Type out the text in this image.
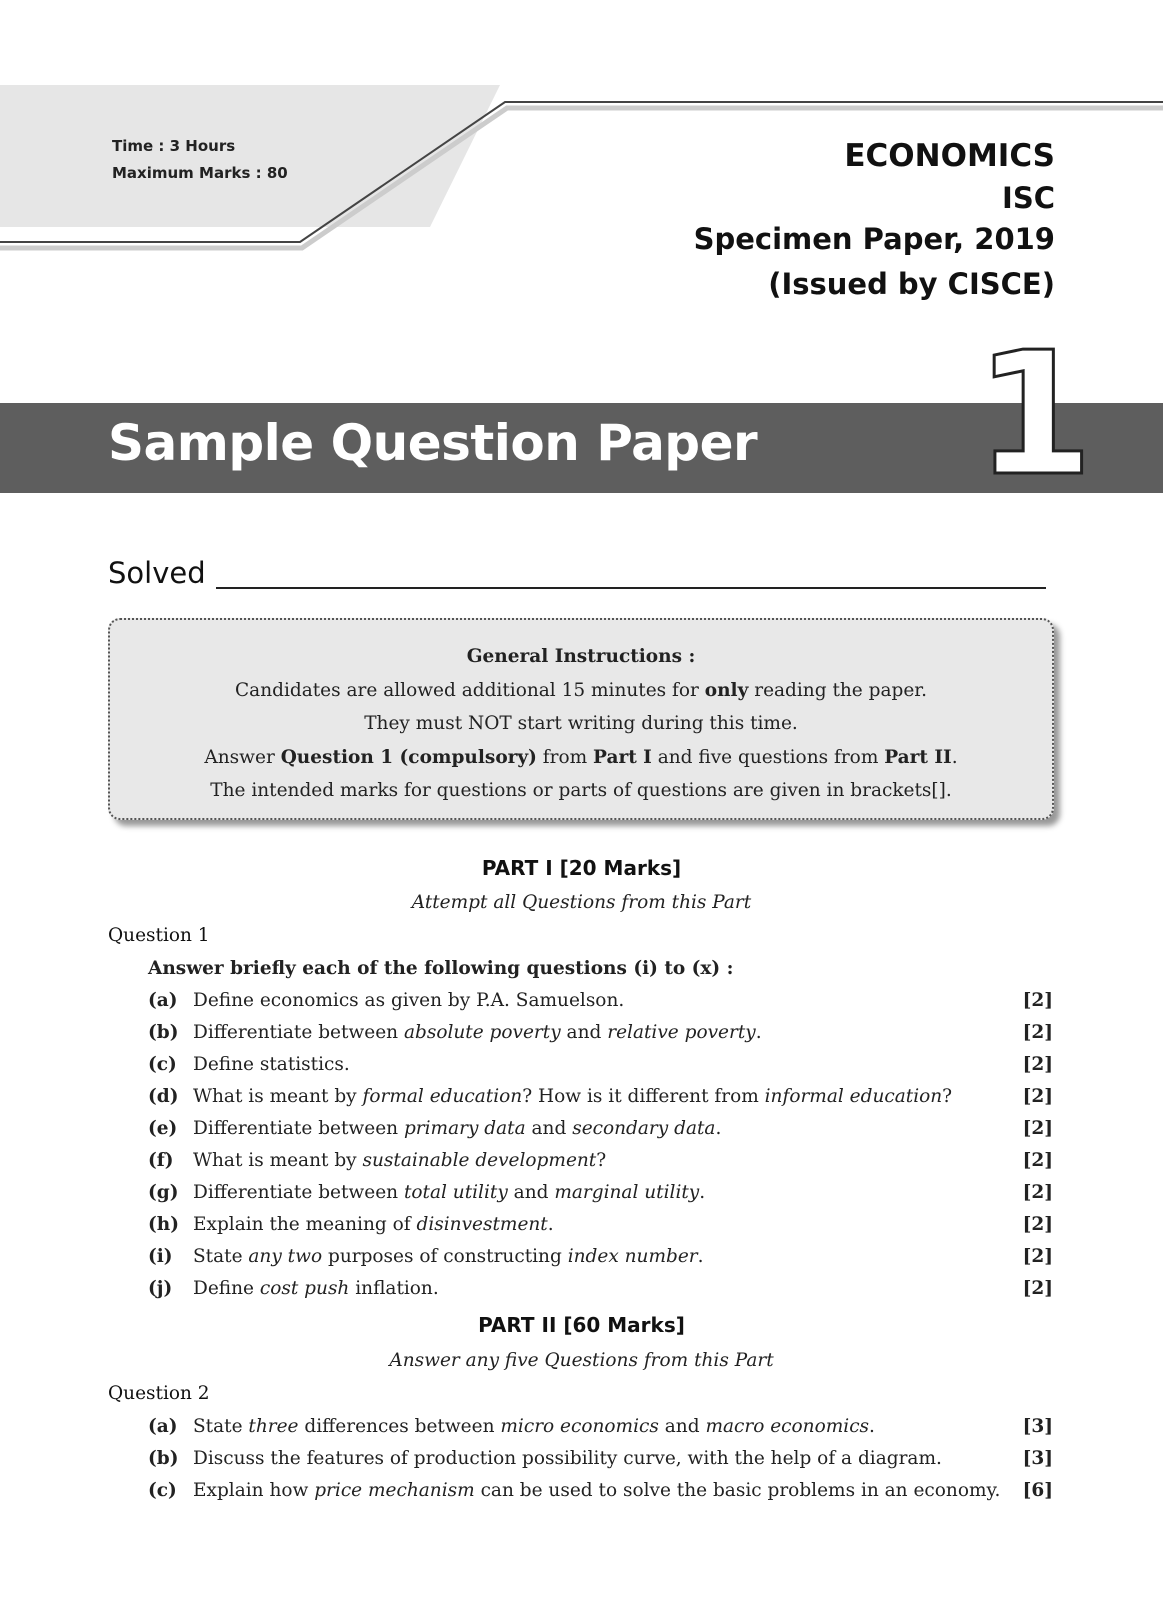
Time : 3 Hours
Maximum Marks : 80	ECONOMICS
ISC
Specimen Paper, 2019
(Issued by CISCE)
Sample Question Paper 1
Solved
General Instructions :
Candidates are allowed additional 15 minutes for only reading the paper.
They must NOT start writing during this time.
Answer Question 1 (compulsory) from Part I and five questions from Part II.
The intended marks for questions or parts of questions are given in brackets[].
PART I [20 Marks]
Attempt all Questions from this Part
Question 1
Answer briefly each of the following questions (i) to (x) :
(a) Define economics as given by P.A. Samuelson.	[2]
(b) Differentiate between absolute poverty and relative poverty.	[2]
(c) Define statistics.	[2]
(d) What is meant by formal education? How is it different from informal education?	[2]
(e) Differentiate between primary data and secondary data.	[2]
(f) What is meant by sustainable development?	[2]
(g) Differentiate between total utility and marginal utility.	[2]
(h) Explain the meaning of disinvestment.	[2]
(i) State any two purposes of constructing index number.	[2]
(j) Define cost push inflation.	[2]
PART II [60 Marks]
Answer any five Questions from this Part
Question 2
(a) State three differences between micro economics and macro economics.	[3]
(b) Discuss the features of production possibility curve, with the help of a diagram.	[3]
(c) Explain how price mechanism can be used to solve the basic problems in an economy. [6]
